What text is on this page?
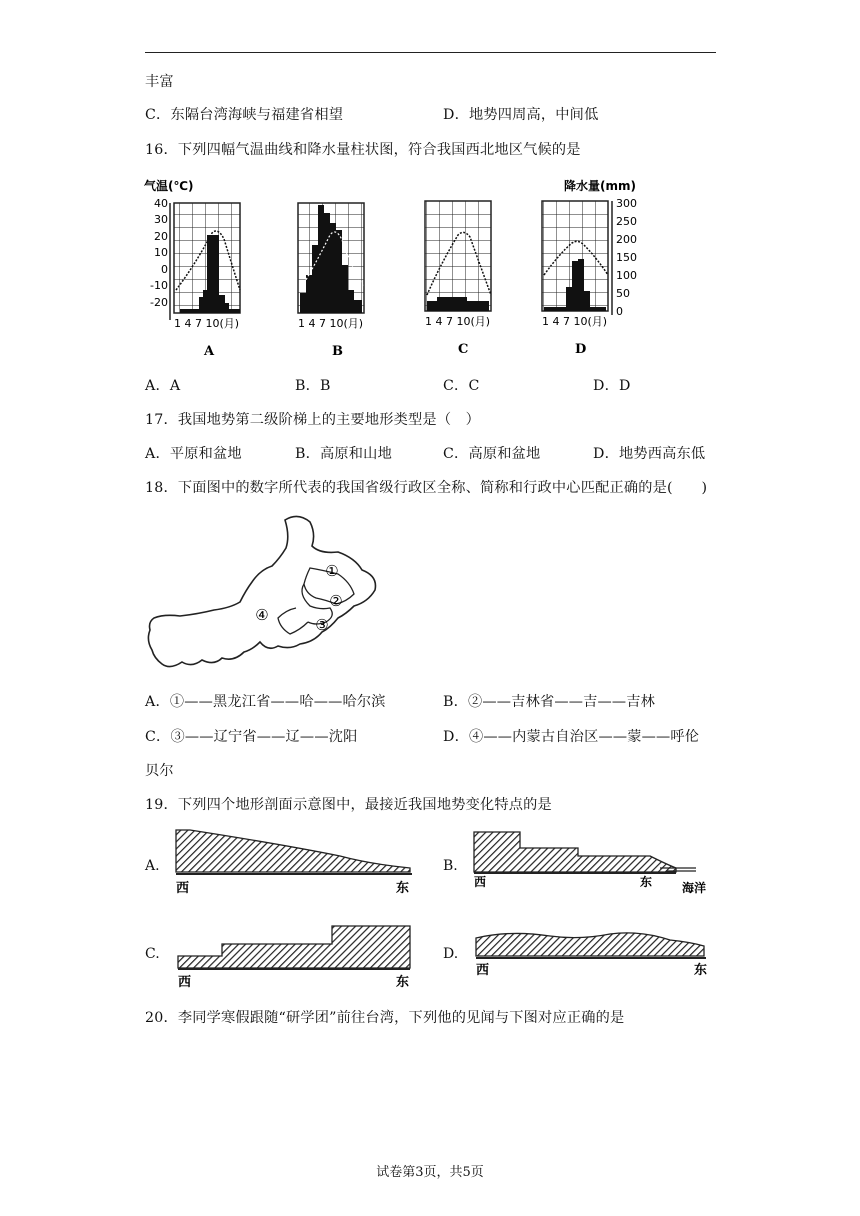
丰富
C．东隔台湾海峡与福建省相望	D．地势四周高，中间低
16．下列四幅气温曲线和降水量柱状图，符合我国西北地区气候的是
气温(℃)
40
30
20
10
0
-10
-20
1 4 7 10(月)
A
1 4 7 10(月)
B
1 4 7 10(月)
C
降水量(mm)
300
250
200
150
100
50
0
1 4 7 10(月)
D
A．A	B．B	C．C	D．D
17．我国地势第二级阶梯上的主要地形类型是（　）
A．平原和盆地	B．高原和山地	C．高原和盆地	D．地势西高东低
18．下面图中的数字所代表的我国省级行政区全称、简称和行政中心匹配正确的是(　　)
①
②
③
④
A．①——黑龙江省——哈——哈尔滨	B．②——吉林省——吉——吉林
C．③——辽宁省——辽——沈阳	D．④——内蒙古自治区——蒙——呼伦
贝尔
19．下列四个地形剖面示意图中，最接近我国地势变化特点的是
A.
西	东
B.
西	东 海洋
C.
西	东
D.
西	东
20．李同学寒假跟随“研学团”前往台湾，下列他的见闻与下图对应正确的是
试卷第3页，共5页
